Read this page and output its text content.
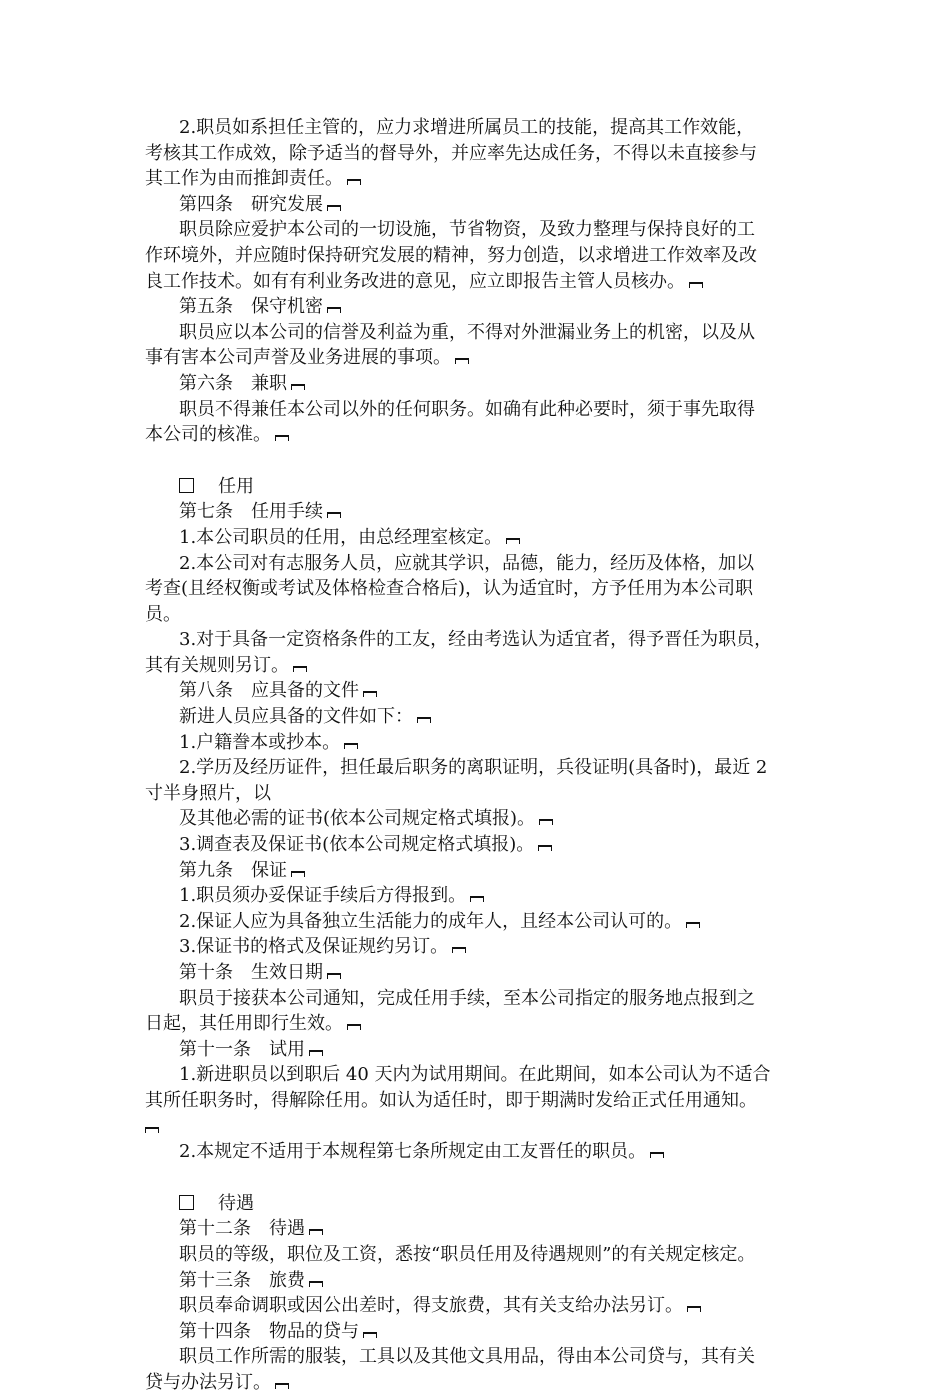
2.职员如系担任主管的，应力求增进所属员工的技能，提高其工作效能，
考核其工作成效，除予适当的督导外，并应率先达成任务，不得以未直接参与
其工作为由而推卸责任。
第四条　研究发展
职员除应爱护本公司的一切设施，节省物资，及致力整理与保持良好的工
作环境外，并应随时保持研究发展的精神，努力创造，以求增进工作效率及改
良工作技术。如有有利业务改进的意见，应立即报告主管人员核办。
第五条　保守机密
职员应以本公司的信誉及利益为重，不得对外泄漏业务上的机密，以及从
事有害本公司声誉及业务进展的事项。
第六条　兼职
职员不得兼任本公司以外的任何职务。如确有此种必要时，须于事先取得
本公司的核准。
任用
第七条　任用手续
1.本公司职员的任用，由总经理室核定。
2.本公司对有志服务人员，应就其学识，品德，能力，经历及体格，加以
考查(且经权衡或考试及体格检查合格后)，认为适宜时，方予任用为本公司职
员。
3.对于具备一定资格条件的工友，经由考选认为适宜者，得予晋任为职员，
其有关规则另订。
第八条　应具备的文件
新进人员应具备的文件如下：
1.户籍誊本或抄本。
2.学历及经历证件，担任最后职务的离职证明，兵役证明(具备时)，最近 2
寸半身照片，以
及其他必需的证书(依本公司规定格式填报)。
3.调查表及保证书(依本公司规定格式填报)。
第九条　保证
1.职员须办妥保证手续后方得报到。
2.保证人应为具备独立生活能力的成年人，且经本公司认可的。
3.保证书的格式及保证规约另订。
第十条　生效日期
职员于接获本公司通知，完成任用手续，至本公司指定的服务地点报到之
日起，其任用即行生效。
第十一条　试用
1.新进职员以到职后 40 天内为试用期间。在此期间，如本公司认为不适合
其所任职务时，得解除任用。如认为适任时，即于期满时发给正式任用通知。
2.本规定不适用于本规程第七条所规定由工友晋任的职员。
待遇
第十二条　待遇
职员的等级，职位及工资，悉按“职员任用及待遇规则”的有关规定核定。
第十三条　旅费
职员奉命调职或因公出差时，得支旅费，其有关支给办法另订。
第十四条　物品的贷与
职员工作所需的服装，工具以及其他文具用品，得由本公司贷与，其有关
贷与办法另订。
